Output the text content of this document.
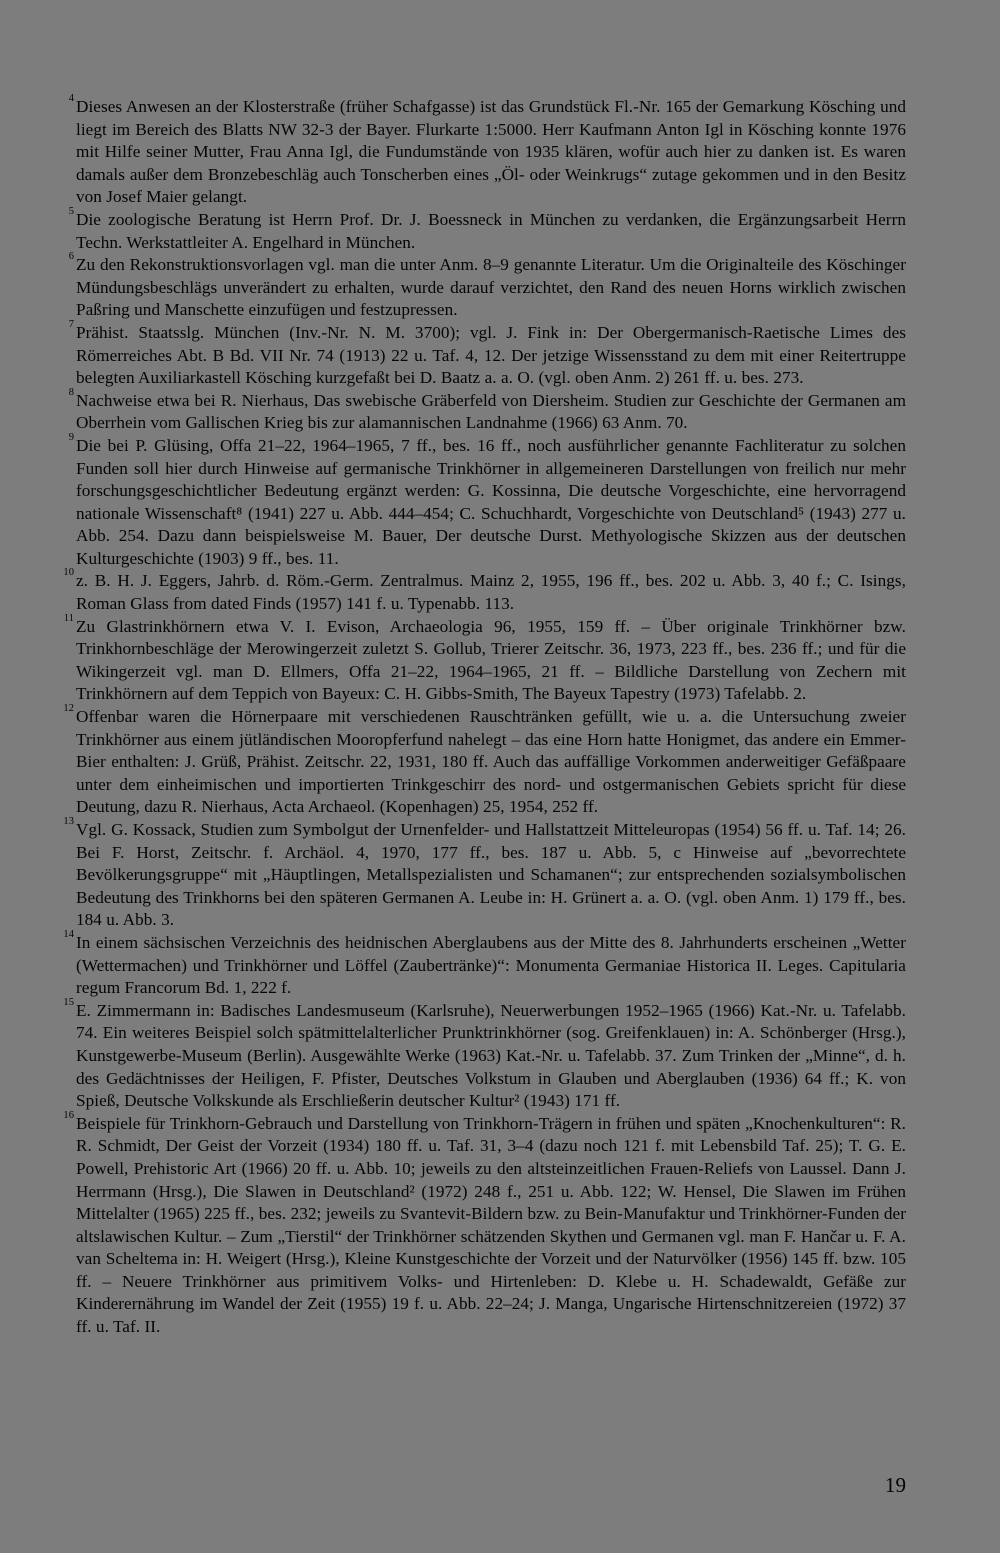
4 Dieses Anwesen an der Klosterstraße (früher Schafgasse) ist das Grundstück Fl.-Nr. 165 der Gemarkung Kösching und liegt im Bereich des Blatts NW 32-3 der Bayer. Flurkarte 1:5000. Herr Kaufmann Anton Igl in Kösching konnte 1976 mit Hilfe seiner Mutter, Frau Anna Igl, die Fundumstände von 1935 klären, wofür auch hier zu danken ist. Es waren damals außer dem Bronzebeschläg auch Tonscherben eines „Öl- oder Weinkrugs“ zutage gekommen und in den Besitz von Josef Maier gelangt.

5 Die zoologische Beratung ist Herrn Prof. Dr. J. Boessneck in München zu verdanken, die Ergänzungsarbeit Herrn Techn. Werkstattleiter A. Engelhard in München.

6 Zu den Rekonstruktionsvorlagen vgl. man die unter Anm. 8–9 genannte Literatur. Um die Originalteile des Köschinger Mündungsbeschlägs unverändert zu erhalten, wurde darauf verzichtet, den Rand des neuen Horns wirklich zwischen Paßring und Manschette einzufügen und festzupressen.

7 Prähist. Staatsslg. München (Inv.-Nr. N. M. 3700); vgl. J. Fink in: Der Obergermanisch-Raetische Limes des Römerreiches Abt. B Bd. VII Nr. 74 (1913) 22 u. Taf. 4, 12. Der jetzige Wissensstand zu dem mit einer Reitertruppe belegten Auxiliarkastell Kösching kurzgefaßt bei D. Baatz a. a. O. (vgl. oben Anm. 2) 261 ff. u. bes. 273.

8 Nachweise etwa bei R. Nierhaus, Das swebische Gräberfeld von Diersheim. Studien zur Geschichte der Germanen am Oberrhein vom Gallischen Krieg bis zur alamannischen Landnahme (1966) 63 Anm. 70.

9 Die bei P. Glüsing, Offa 21–22, 1964–1965, 7 ff., bes. 16 ff., noch ausführlicher genannte Fachliteratur zu solchen Funden soll hier durch Hinweise auf germanische Trinkhörner in allgemeineren Darstellungen von freilich nur mehr forschungsgeschichtlicher Bedeutung ergänzt werden: G. Kossinna, Die deutsche Vorgeschichte, eine hervorragend nationale Wissenschaft⁸ (1941) 227 u. Abb. 444–454; C. Schuchhardt, Vorgeschichte von Deutschland⁵ (1943) 277 u. Abb. 254. Dazu dann beispielsweise M. Bauer, Der deutsche Durst. Methyologische Skizzen aus der deutschen Kulturgeschichte (1903) 9 ff., bes. 11.

10 z. B. H. J. Eggers, Jahrb. d. Röm.-Germ. Zentralmus. Mainz 2, 1955, 196 ff., bes. 202 u. Abb. 3, 40 f.; C. Isings, Roman Glass from dated Finds (1957) 141 f. u. Typenabb. 113.

11 Zu Glastrinkhörnern etwa V. I. Evison, Archaeologia 96, 1955, 159 ff. – Über originale Trinkhörner bzw. Trinkhornbeschläge der Merowingerzeit zuletzt S. Gollub, Trierer Zeitschr. 36, 1973, 223 ff., bes. 236 ff.; und für die Wikingerzeit vgl. man D. Ellmers, Offa 21–22, 1964–1965, 21 ff. – Bildliche Darstellung von Zechern mit Trinkhörnern auf dem Teppich von Bayeux: C. H. Gibbs-Smith, The Bayeux Tapestry (1973) Tafelabb. 2.

12 Offenbar waren die Hörnerpaare mit verschiedenen Rauschtränken gefüllt, wie u. a. die Untersuchung zweier Trinkhörner aus einem jütländischen Mooropferfund nahelegt – das eine Horn hatte Honigmet, das andere ein Emmer-Bier enthalten: J. Grüß, Prähist. Zeitschr. 22, 1931, 180 ff. Auch das auffällige Vorkommen anderweitiger Gefäßpaare unter dem einheimischen und importierten Trinkgeschirr des nord- und ostgermanischen Gebiets spricht für diese Deutung, dazu R. Nierhaus, Acta Archaeol. (Kopenhagen) 25, 1954, 252 ff.

13 Vgl. G. Kossack, Studien zum Symbolgut der Urnenfelder- und Hallstattzeit Mitteleuropas (1954) 56 ff. u. Taf. 14; 26. Bei F. Horst, Zeitschr. f. Archäol. 4, 1970, 177 ff., bes. 187 u. Abb. 5, c Hinweise auf „bevorrechtete Bevölkerungsgruppe“ mit „Häuptlingen, Metallspezialisten und Schamanen“; zur entsprechenden sozialsymbolischen Bedeutung des Trinkhorns bei den späteren Germanen A. Leube in: H. Grünert a. a. O. (vgl. oben Anm. 1) 179 ff., bes. 184 u. Abb. 3.

14 In einem sächsischen Verzeichnis des heidnischen Aberglaubens aus der Mitte des 8. Jahrhunderts erscheinen „Wetter (Wettermachen) und Trinkhörner und Löffel (Zaubertränke)“: Monumenta Germaniae Historica II. Leges. Capitularia regum Francorum Bd. 1, 222 f.

15 E. Zimmermann in: Badisches Landesmuseum (Karlsruhe), Neuerwerbungen 1952–1965 (1966) Kat.-Nr. u. Tafelabb. 74. Ein weiteres Beispiel solch spätmittelalterlicher Prunktrinkhörner (sog. Greifenklauen) in: A. Schönberger (Hrsg.), Kunstgewerbe-Museum (Berlin). Ausgewählte Werke (1963) Kat.-Nr. u. Tafelabb. 37. Zum Trinken der „Minne“, d. h. des Gedächtnisses der Heiligen, F. Pfister, Deutsches Volkstum in Glauben und Aberglauben (1936) 64 ff.; K. von Spieß, Deutsche Volkskunde als Erschließerin deutscher Kultur² (1943) 171 ff.

16 Beispiele für Trinkhorn-Gebrauch und Darstellung von Trinkhorn-Trägern in frühen und späten „Knochenkulturen“: R. R. Schmidt, Der Geist der Vorzeit (1934) 180 ff. u. Taf. 31, 3–4 (dazu noch 121 f. mit Lebensbild Taf. 25); T. G. E. Powell, Prehistoric Art (1966) 20 ff. u. Abb. 10; jeweils zu den altsteinzeitlichen Frauen-Reliefs von Laussel. Dann J. Herrmann (Hrsg.), Die Slawen in Deutschland² (1972) 248 f., 251 u. Abb. 122; W. Hensel, Die Slawen im Frühen Mittelalter (1965) 225 ff., bes. 232; jeweils zu Svantevit-Bildern bzw. zu Bein-Manufaktur und Trinkhörner-Funden der altslawischen Kultur. – Zum „Tierstil“ der Trinkhörner schätzenden Skythen und Germanen vgl. man F. Hančar u. F. A. van Scheltema in: H. Weigert (Hrsg.), Kleine Kunstgeschichte der Vorzeit und der Naturvölker (1956) 145 ff. bzw. 105 ff. – Neuere Trinkhörner aus primitivem Volks- und Hirtenleben: D. Klebe u. H. Schadewaldt, Gefäße zur Kinderernährung im Wandel der Zeit (1955) 19 f. u. Abb. 22–24; J. Manga, Ungarische Hirtenschnitzereien (1972) 37 ff. u. Taf. II.

19
